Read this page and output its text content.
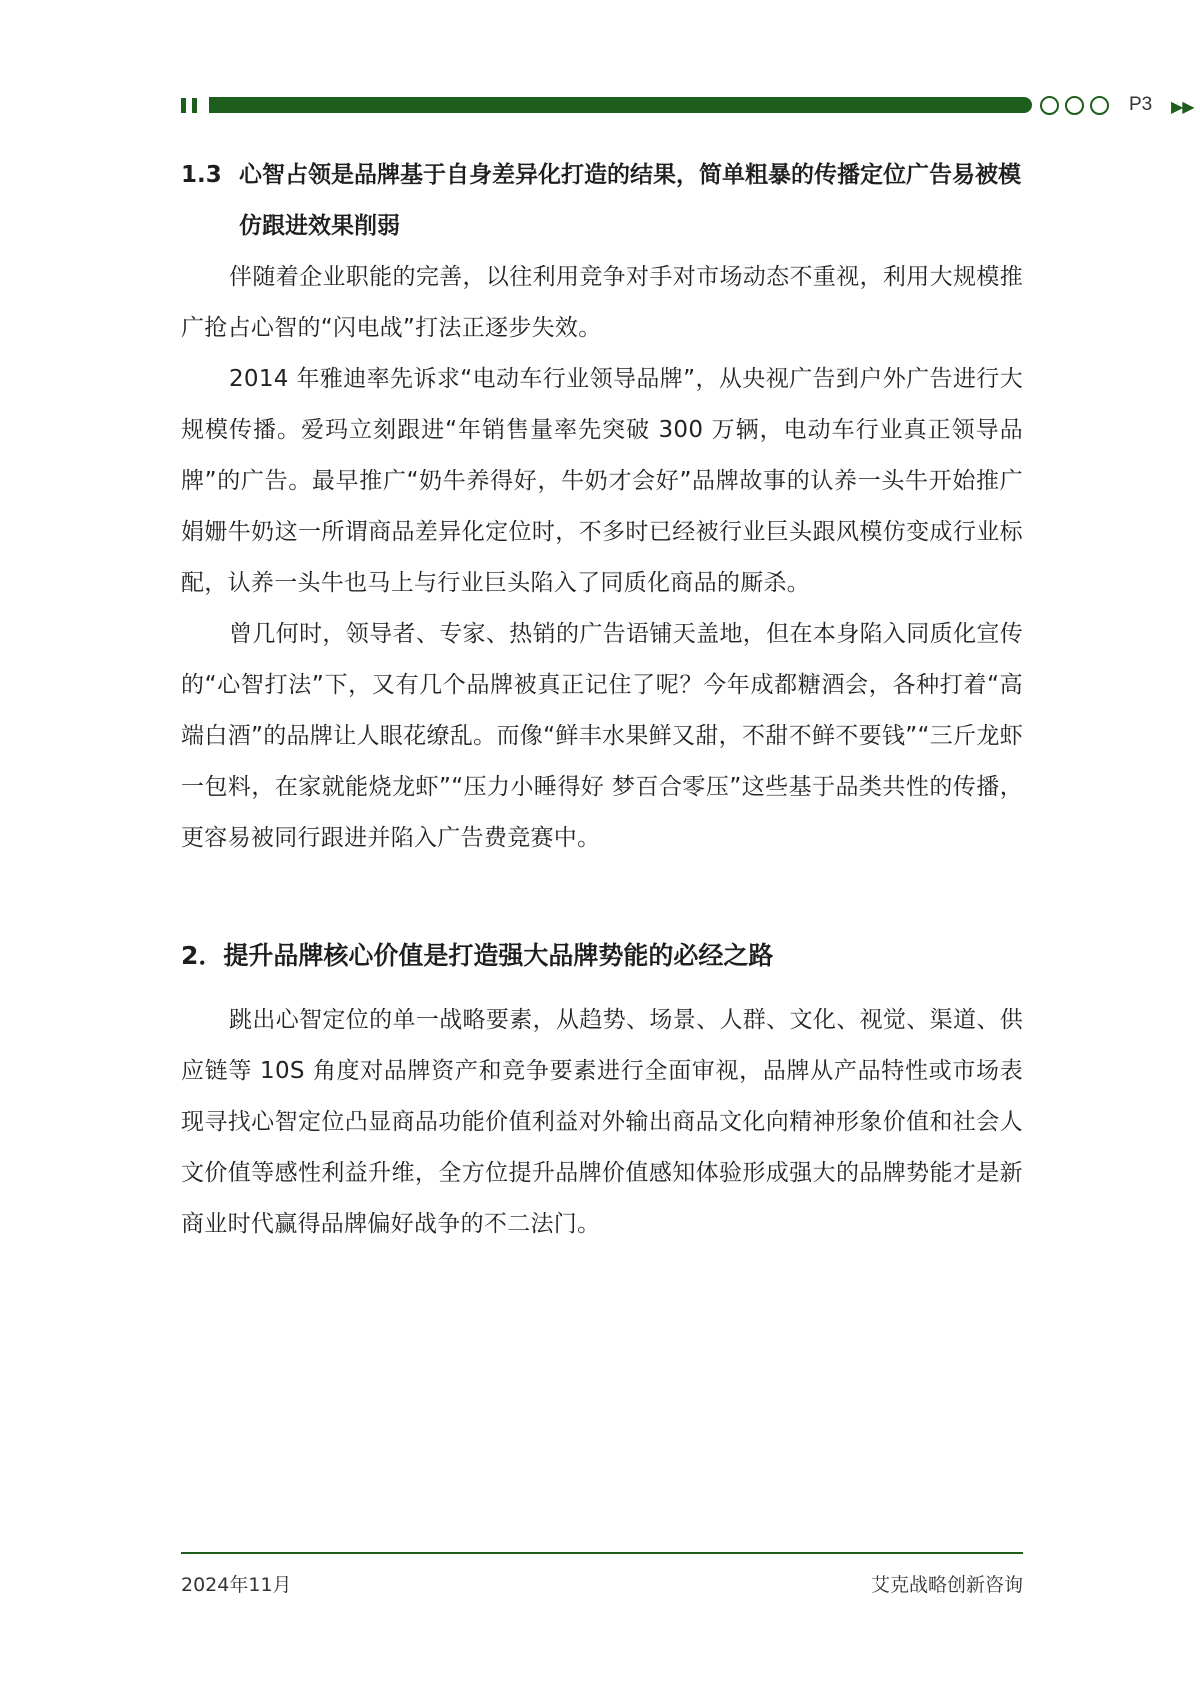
P3 ▶▶
1.3 心智占领是品牌基于自身差异化打造的结果，简单粗暴的传播定位广告易被模仿跟进效果削弱

伴随着企业职能的完善，以往利用竞争对手对市场动态不重视，利用大规模推广抢占心智的“闪电战”打法正逐步失效。

2014 年雅迪率先诉求“电动车行业领导品牌”，从央视广告到户外广告进行大规模传播。爱玛立刻跟进“年销售量率先突破 300 万辆，电动车行业真正领导品牌”的广告。最早推广“奶牛养得好，牛奶才会好”品牌故事的认养一头牛开始推广娟姗牛奶这一所谓商品差异化定位时，不多时已经被行业巨头跟风模仿变成行业标配，认养一头牛也马上与行业巨头陷入了同质化商品的厮杀。

曾几何时，领导者、专家、热销的广告语铺天盖地，但在本身陷入同质化宣传的“心智打法”下，又有几个品牌被真正记住了呢？今年成都糖酒会，各种打着“高端白酒”的品牌让人眼花缭乱。而像“鲜丰水果鲜又甜，不甜不鲜不要钱”“三斤龙虾一包料，在家就能烧龙虾”“压力小睡得好 梦百合零压”这些基于品类共性的传播，更容易被同行跟进并陷入广告费竞赛中。

2．提升品牌核心价值是打造强大品牌势能的必经之路

跳出心智定位的单一战略要素，从趋势、场景、人群、文化、视觉、渠道、供应链等 10S 角度对品牌资产和竞争要素进行全面审视，品牌从产品特性或市场表现寻找心智定位凸显商品功能价值利益对外输出商品文化向精神形象价值和社会人文价值等感性利益升维，全方位提升品牌价值感知体验形成强大的品牌势能才是新商业时代赢得品牌偏好战争的不二法门。

2024年11月	艾克战略创新咨询
